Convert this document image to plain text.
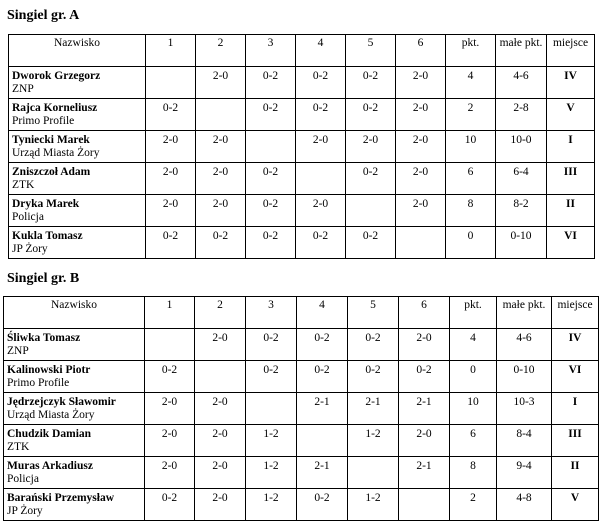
Singiel gr. A
Nazwisko	1	2	3	4	5	6	pkt.	małe pkt.	miejsce

Dworok Grzegorz
ZNP		2-0	0-2	0-2	0-2	2-0	4	4-6	IV

Rajca Korneliusz
Primo Profile	0-2		0-2	0-2	0-2	2-0	2	2-8	V

Tyniecki Marek
Urząd Miasta Żory	2-0	2-0		2-0	2-0	2-0	10	10-0	I

Zniszczoł Adam
ZTK	2-0	2-0	0-2		0-2	2-0	6	6-4	III

Dryka Marek
Policja	2-0	2-0	0-2	2-0		2-0	8	8-2	II

Kukla Tomasz
JP Żory	0-2	0-2	0-2	0-2	0-2		0	0-10	VI
Singiel gr. B
Nazwisko	1	2	3	4	5	6	pkt.	małe pkt.	miejsce

Śliwka Tomasz
ZNP		2-0	0-2	0-2	0-2	2-0	4	4-6	IV

Kalinowski Piotr
Primo Profile	0-2		0-2	0-2	0-2	0-2	0	0-10	VI

Jędrzejczyk Sławomir
Urząd Miasta Żory	2-0	2-0		2-1	2-1	2-1	10	10-3	I

Chudzik Damian
ZTK	2-0	2-0	1-2		1-2	2-0	6	8-4	III

Muras Arkadiusz
Policja	2-0	2-0	1-2	2-1		2-1	8	9-4	II

Barański Przemysław
JP Żory	0-2	2-0	1-2	0-2	1-2		2	4-8	V
